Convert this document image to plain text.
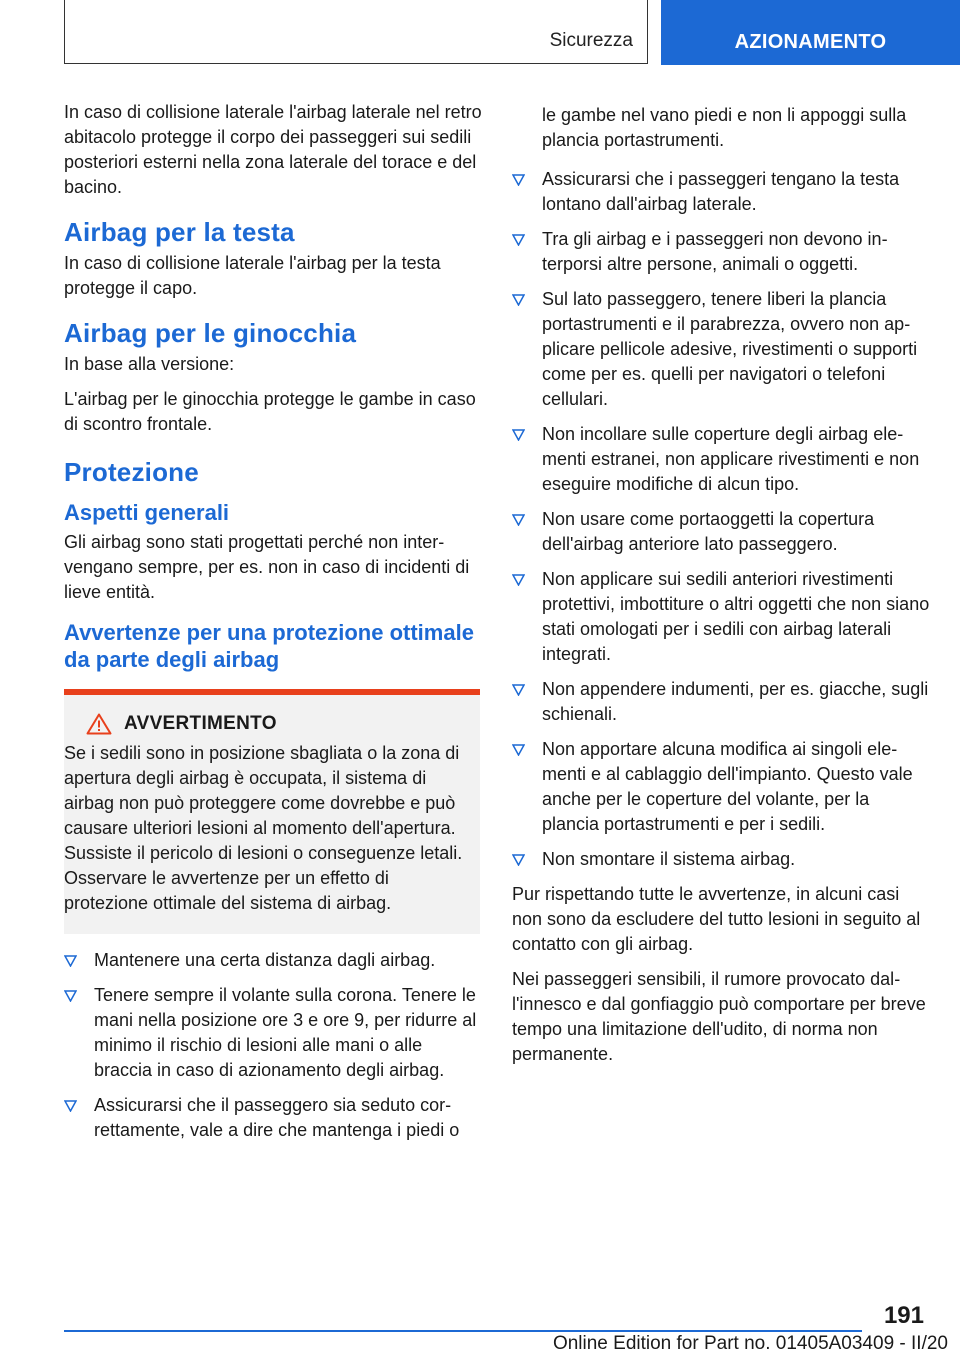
Sicurezza	AZIONAMENTO

In caso di collisione laterale l'airbag laterale nel retro abitacolo protegge il corpo dei passeggeri sui sedili posteriori esterni nella zona laterale del torace e del bacino.

Airbag per la testa

In caso di collisione laterale l'airbag per la testa protegge il capo.

Airbag per le ginocchia

In base alla versione:

L'airbag per le ginocchia protegge le gambe in caso di scontro frontale.

Protezione
Aspetti generali

Gli airbag sono stati progettati perché non intervengano sempre, per es. non in caso di incidenti di lieve entità.

Avvertenze per una protezione ottimale da parte degli airbag
AVVERTIMENTO
Se i sedili sono in posizione sbagliata o la zona di apertura degli airbag è occupata, il sistema di airbag non può proteggere come dovrebbe e può causare ulteriori lesioni al momento dell'apertura. Sussiste il pericolo di lesioni o conseguenze letali. Osservare le avvertenze per un effetto di protezione ottimale del sistema di airbag.
Mantenere una certa distanza dagli airbag.
Tenere sempre il volante sulla corona. Tenere le mani nella posizione ore 3 e ore 9, per ridurre al minimo il rischio di lesioni alle mani o alle braccia in caso di azionamento degli airbag.
Assicurarsi che il passeggero sia seduto correttamente, vale a dire che mantenga i piedi o
le gambe nel vano piedi e non li appoggi sulla plancia portastrumenti.
Assicurarsi che i passeggeri tengano la testa lontano dall'airbag laterale.
Tra gli airbag e i passeggeri non devono interporsi altre persone, animali o oggetti.
Sul lato passeggero, tenere liberi la plancia portastrumenti e il parabrezza, ovvero non applicare pellicole adesive, rivestimenti o supporti come per es. quelli per navigatori o telefoni cellulari.
Non incollare sulle coperture degli airbag elementi estranei, non applicare rivestimenti e non eseguire modifiche di alcun tipo.
Non usare come portaoggetti la copertura dell'airbag anteriore lato passeggero.
Non applicare sui sedili anteriori rivestimenti protettivi, imbottiture o altri oggetti che non siano stati omologati per i sedili con airbag laterali integrati.
Non appendere indumenti, per es. giacche, sugli schienali.
Non apportare alcuna modifica ai singoli elementi e al cablaggio dell'impianto. Questo vale anche per le coperture del volante, per la plancia portastrumenti e per i sedili.
Non smontare il sistema airbag.

Pur rispettando tutte le avvertenze, in alcuni casi non sono da escludere del tutto lesioni in seguito al contatto con gli airbag.

Nei passeggeri sensibili, il rumore provocato dall'innesco e dal gonfiaggio può comportare per breve tempo una limitazione dell'udito, di norma non permanente.

191
Online Edition for Part no. 01405A03409 - II/20
